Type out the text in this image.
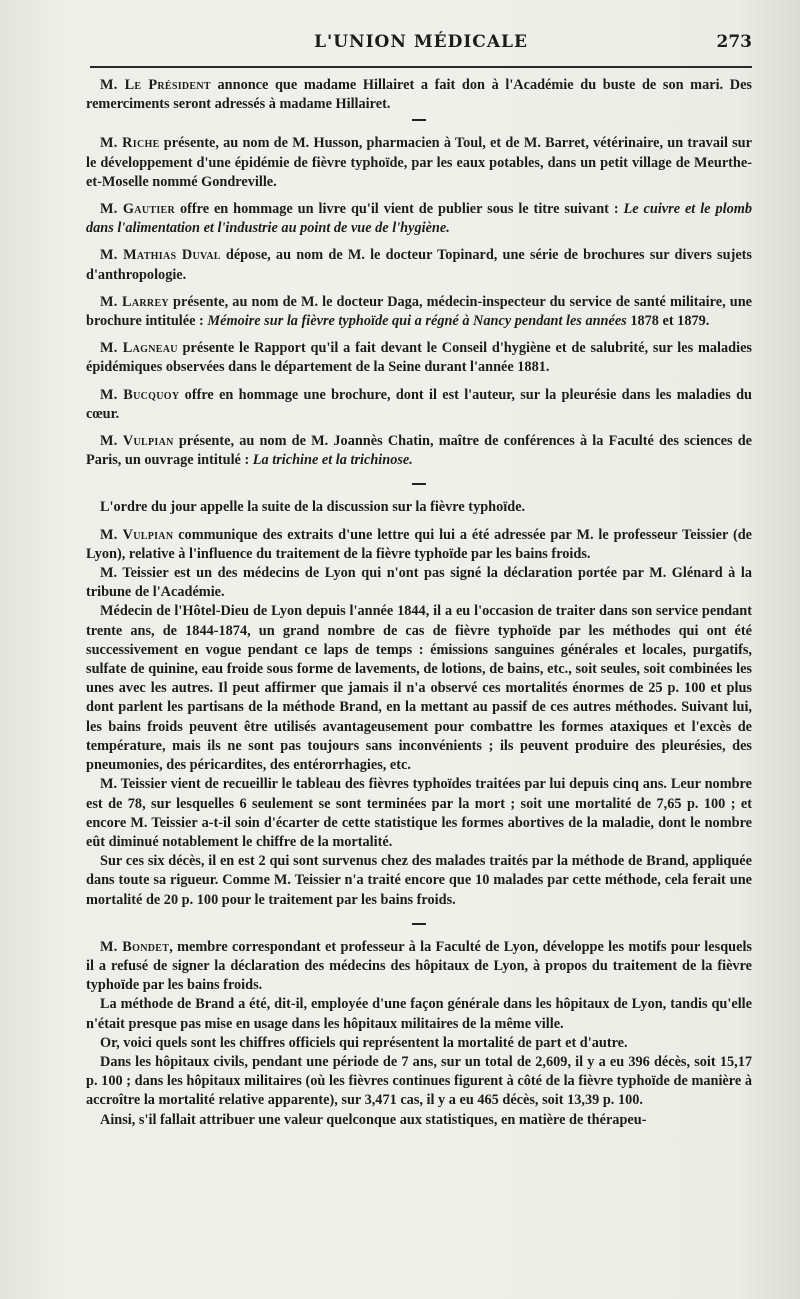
L'UNION MÉDICALE	273

M. Le Président annonce que madame Hillairet a fait don à l'Académie du buste de son mari. Des remerciments seront adressés à madame Hillairet.

M. Riche présente, au nom de M. Husson, pharmacien à Toul, et de M. Barret, vétérinaire, un travail sur le développement d'une épidémie de fièvre typhoïde, par les eaux potables, dans un petit village de Meurthe-et-Moselle nommé Gondreville.

M. Gautier offre en hommage un livre qu'il vient de publier sous le titre suivant : Le cuivre et le plomb dans l'alimentation et l'industrie au point de vue de l'hygiène.

M. Mathias Duval dépose, au nom de M. le docteur Topinard, une série de brochures sur divers sujets d'anthropologie.

M. Larrey présente, au nom de M. le docteur Daga, médecin-inspecteur du service de santé militaire, une brochure intitulée : Mémoire sur la fièvre typhoïde qui a régné à Nancy pendant les années 1878 et 1879.

M. Lagneau présente le Rapport qu'il a fait devant le Conseil d'hygiène et de salubrité, sur les maladies épidémiques observées dans le département de la Seine durant l'année 1881.

M. Bucquoy offre en hommage une brochure, dont il est l'auteur, sur la pleurésie dans les maladies du cœur.

M. Vulpian présente, au nom de M. Joannès Chatin, maître de conférences à la Faculté des sciences de Paris, un ouvrage intitulé : La trichine et la trichinose.

L'ordre du jour appelle la suite de la discussion sur la fièvre typhoïde.

M. Vulpian communique des extraits d'une lettre qui lui a été adressée par M. le professeur Teissier (de Lyon), relative à l'influence du traitement de la fièvre typhoïde par les bains froids.

M. Teissier est un des médecins de Lyon qui n'ont pas signé la déclaration portée par M. Glénard à la tribune de l'Académie.

Médecin de l'Hôtel-Dieu de Lyon depuis l'année 1844, il a eu l'occasion de traiter dans son service pendant trente ans, de 1844-1874, un grand nombre de cas de fièvre typhoïde par les méthodes qui ont été successivement en vogue pendant ce laps de temps : émissions sanguines générales et locales, purgatifs, sulfate de quinine, eau froide sous forme de lavements, de lotions, de bains, etc., soit seules, soit combinées les unes avec les autres. Il peut affirmer que jamais il n'a observé ces mortalités énormes de 25 p. 100 et plus dont parlent les partisans de la méthode Brand, en la mettant au passif de ces autres méthodes. Suivant lui, les bains froids peuvent être utilisés avantageusement pour combattre les formes ataxiques et l'excès de température, mais ils ne sont pas toujours sans inconvénients ; ils peuvent produire des pleurésies, des pneumonies, des péricardites, des entérorrhagies, etc.

M. Teissier vient de recueillir le tableau des fièvres typhoïdes traitées par lui depuis cinq ans. Leur nombre est de 78, sur lesquelles 6 seulement se sont terminées par la mort ; soit une mortalité de 7,65 p. 100 ; et encore M. Teissier a-t-il soin d'écarter de cette statistique les formes abortives de la maladie, dont le nombre eût diminué notablement le chiffre de la mortalité.

Sur ces six décès, il en est 2 qui sont survenus chez des malades traités par la méthode de Brand, appliquée dans toute sa rigueur. Comme M. Teissier n'a traité encore que 10 malades par cette méthode, cela ferait une mortalité de 20 p. 100 pour le traitement par les bains froids.

M. Bondet, membre correspondant et professeur à la Faculté de Lyon, développe les motifs pour lesquels il a refusé de signer la déclaration des médecins des hôpitaux de Lyon, à propos du traitement de la fièvre typhoïde par les bains froids.

La méthode de Brand a été, dit-il, employée d'une façon générale dans les hôpitaux de Lyon, tandis qu'elle n'était presque pas mise en usage dans les hôpitaux militaires de la même ville.

Or, voici quels sont les chiffres officiels qui représentent la mortalité de part et d'autre.

Dans les hôpitaux civils, pendant une période de 7 ans, sur un total de 2,609, il y a eu 396 décès, soit 15,17 p. 100 ; dans les hôpitaux militaires (où les fièvres continues figurent à côté de la fièvre typhoïde de manière à accroître la mortalité relative apparente), sur 3,471 cas, il y a eu 465 décès, soit 13,39 p. 100.

Ainsi, s'il fallait attribuer une valeur quelconque aux statistiques, en matière de thérapeu-
